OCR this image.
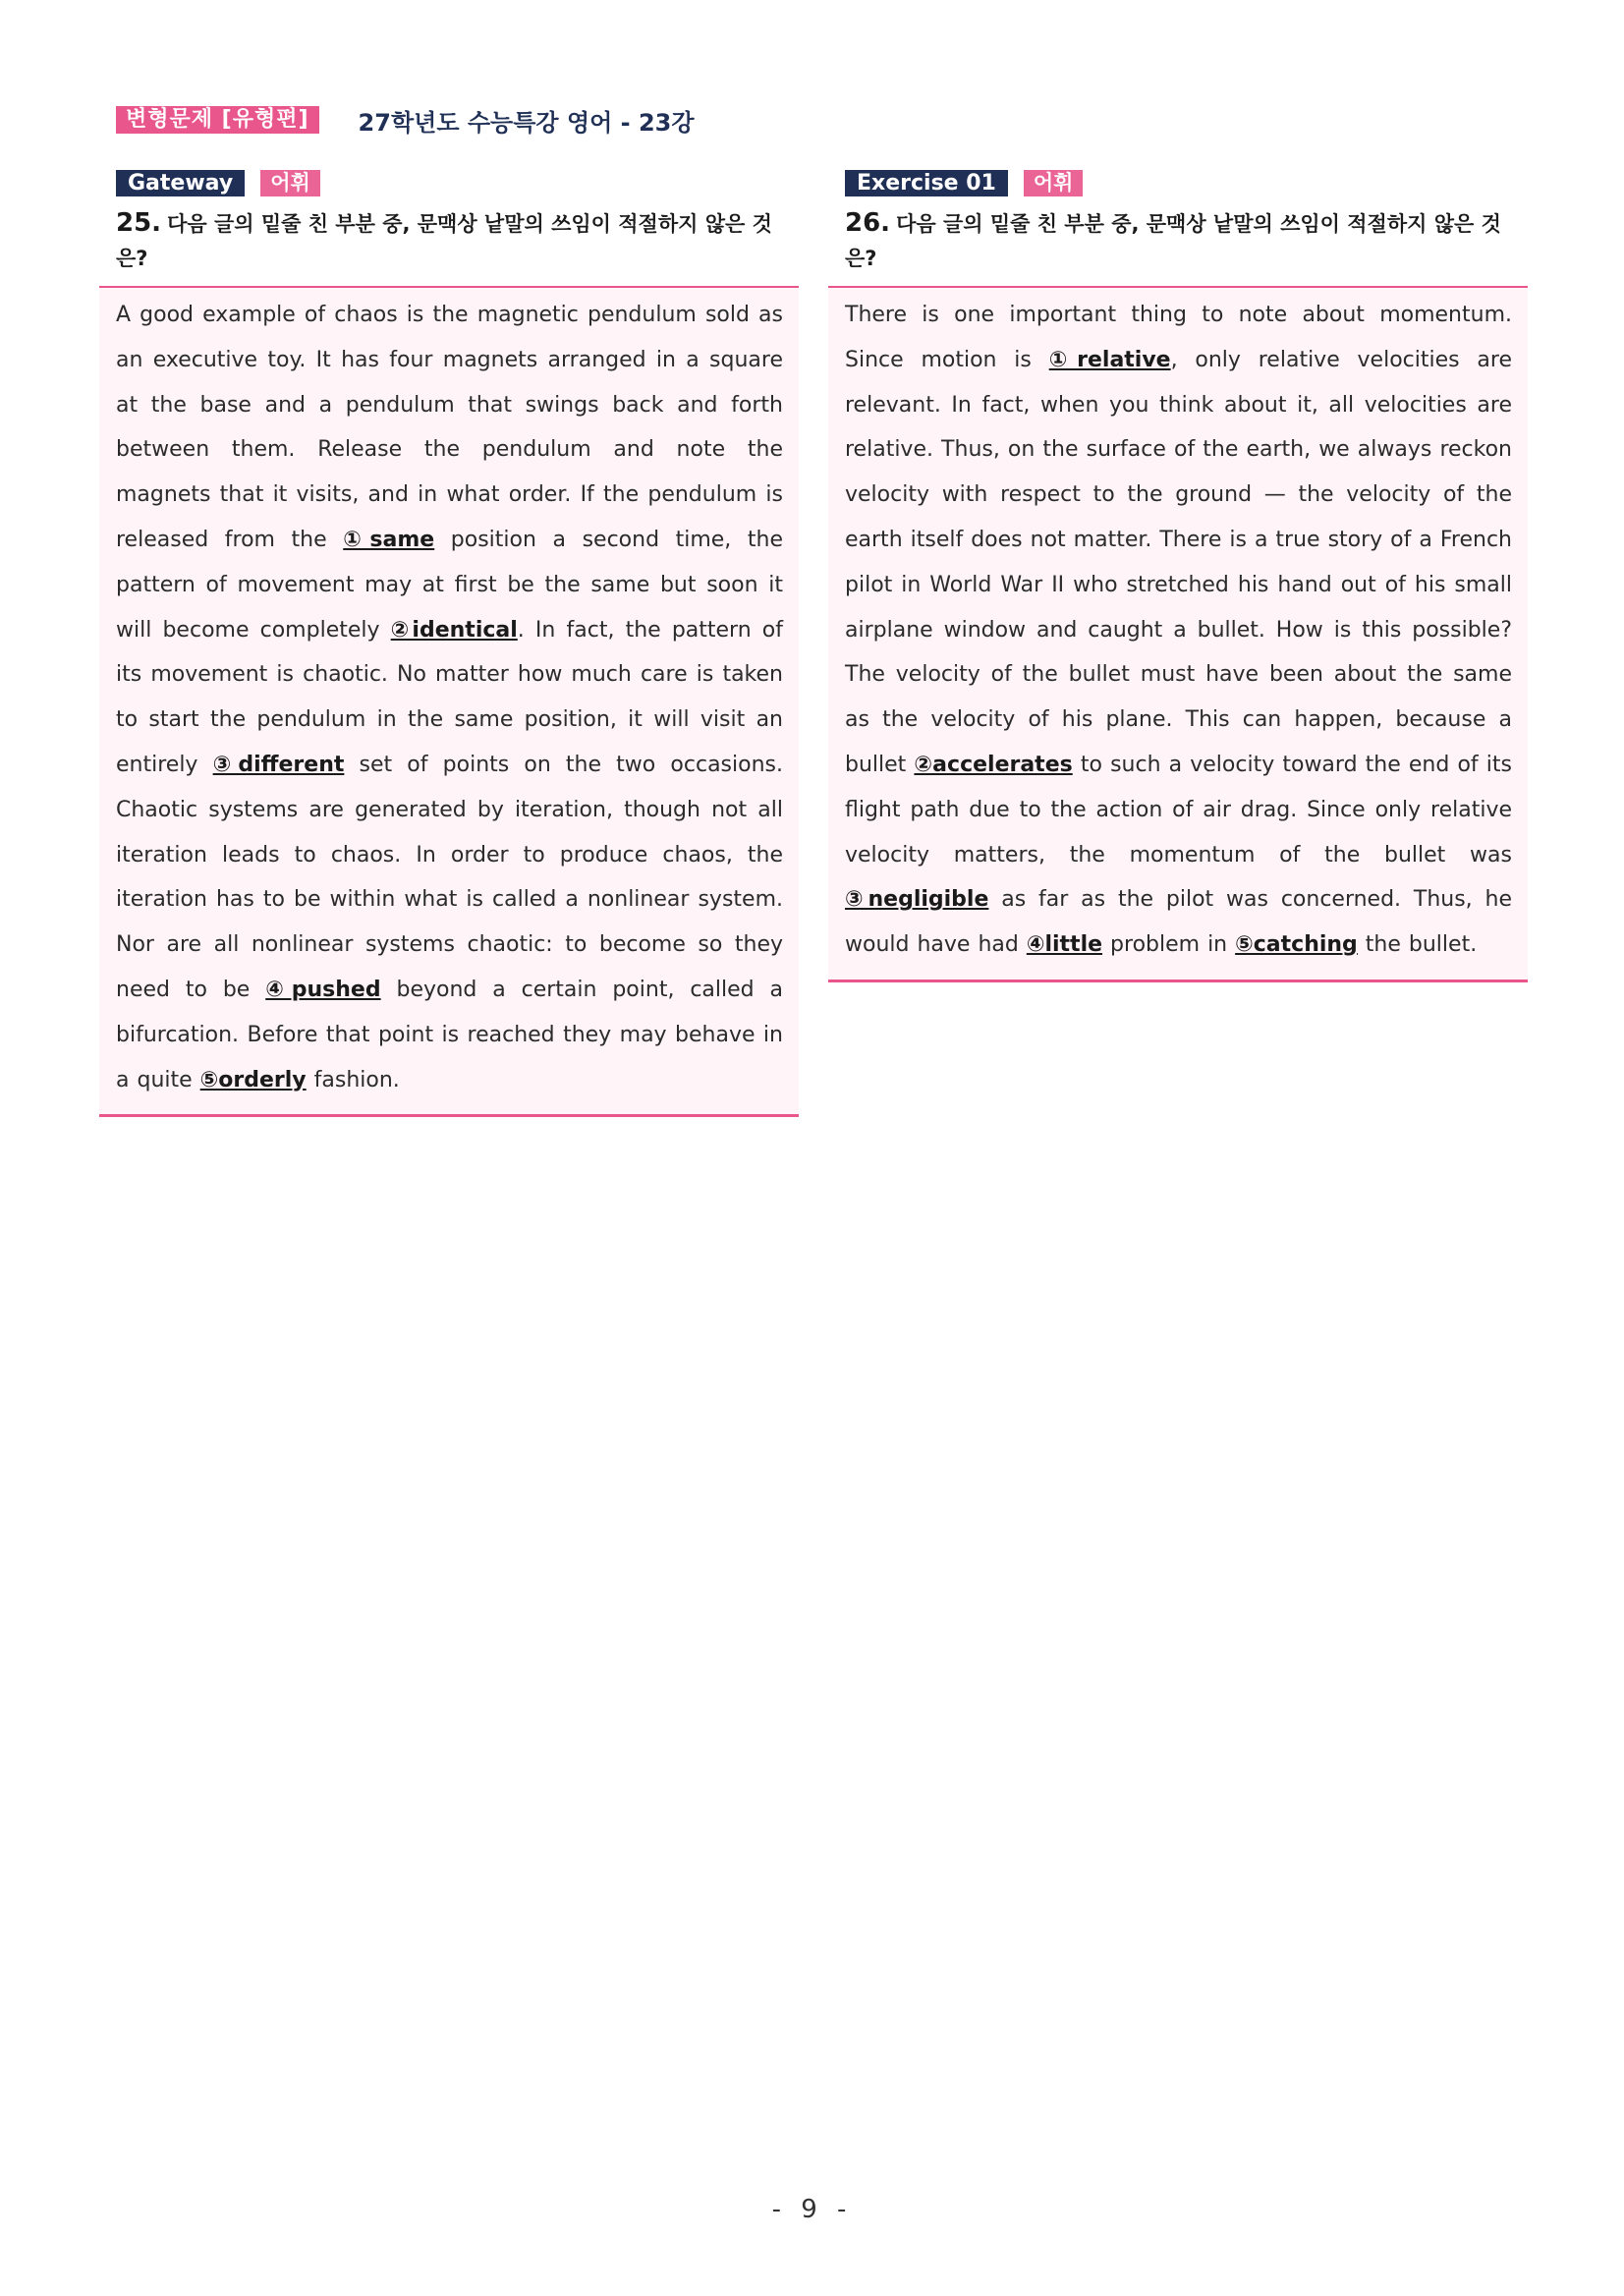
변형문제 [유형편]	27학년도 수능특강 영어 - 23강
Gateway	어휘
25. 다음 글의 밑줄 친 부분 중, 문맥상 낱말의 쓰임이 적절하지 않은 것은?

A good example of chaos is the magnetic pendulum sold as an executive toy. It has four magnets arranged in a square at the base and a pendulum that swings back and forth between them. Release the pendulum and note the magnets that it visits, and in what order. If the pendulum is released from the ①same position a second time, the pattern of movement may at first be the same but soon it will become completely ②identical. In fact, the pattern of its movement is chaotic. No matter how much care is taken to start the pendulum in the same position, it will visit an entirely ③different set of points on the two occasions. Chaotic systems are generated by iteration, though not all iteration leads to chaos. In order to produce chaos, the iteration has to be within what is called a nonlinear system. Nor are all nonlinear systems chaotic: to become so they need to be ④pushed beyond a certain point, called a bifurcation. Before that point is reached they may behave in a quite ⑤orderly fashion.

Exercise 01	어휘
26. 다음 글의 밑줄 친 부분 중, 문맥상 낱말의 쓰임이 적절하지 않은 것은?

There is one important thing to note about momentum. Since motion is ①relative, only relative velocities are relevant. In fact, when you think about it, all velocities are relative. Thus, on the surface of the earth, we always reckon velocity with respect to the ground — the velocity of the earth itself does not matter. There is a true story of a French pilot in World War II who stretched his hand out of his small airplane window and caught a bullet. How is this possible? The velocity of the bullet must have been about the same as the velocity of his plane. This can happen, because a bullet ②accelerates to such a velocity toward the end of its flight path due to the action of air drag. Since only relative velocity matters, the momentum of the bullet was ③negligible as far as the pilot was concerned. Thus, he would have had ④little problem in ⑤catching the bullet.

- 9 -
